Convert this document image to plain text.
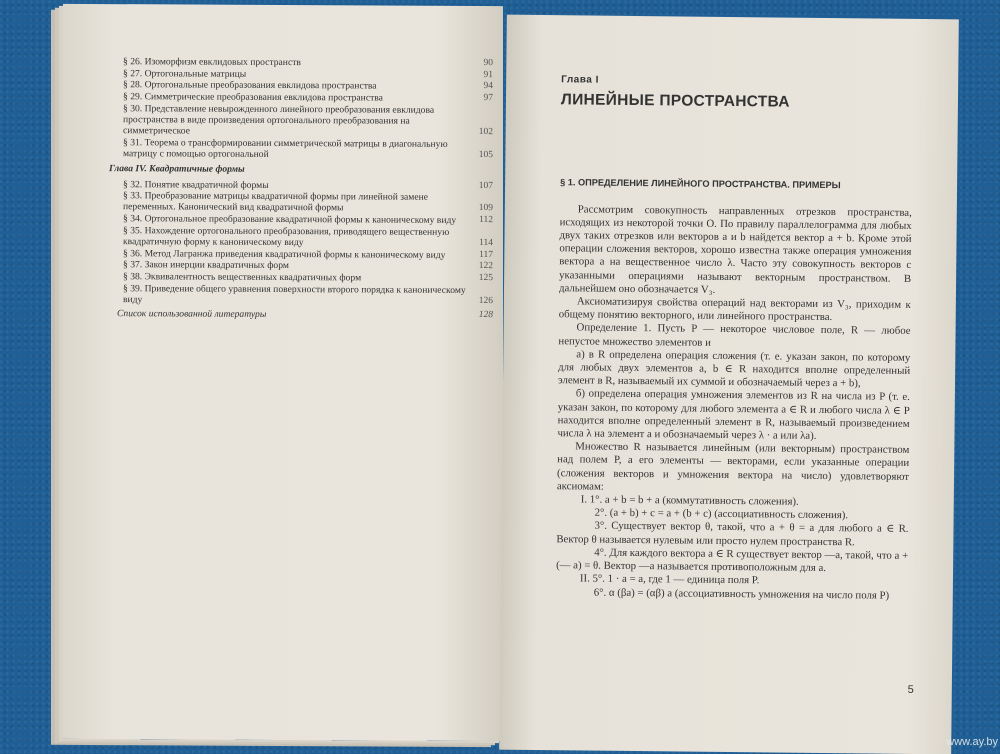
§ 26. Изоморфизм евклидовых пространств	90
§ 27. Ортогональные матрицы	91
§ 28. Ортогональные преобразования евклидова пространства	94
§ 29. Симметрические преобразования евклидова пространства	97
§ 30. Представление невырожденного линейного преобразования евклидова пространства в виде произведения ортогонального преобразования на симметрическое	102
§ 31. Теорема о трансформировании симметрической матрицы в диагональную матрицу с помощью ортогональной	105
Глава IV. Квадратичные формы
§ 32. Понятие квадратичной формы	107
§ 33. Преобразование матрицы квадратичной формы при линейной замене переменных. Канонический вид квадратичной формы	109
§ 34. Ортогональное преобразование квадратичной формы к каноническому виду	112
§ 35. Нахождение ортогонального преобразования, приводящего вещественную квадратичную форму к каноническому виду	114
§ 36. Метод Лагранжа приведения квадратичной формы к каноническому виду	117
§ 37. Закон инерции квадратичных форм	122
§ 38. Эквивалентность вещественных квадратичных форм	125
§ 39. Приведение общего уравнения поверхности второго порядка к каноническому виду	126
Список использованной литературы	128
Глава I
ЛИНЕЙНЫЕ ПРОСТРАНСТВА
§ 1. ОПРЕДЕЛЕНИЕ ЛИНЕЙНОГО ПРОСТРАНСТВА. ПРИМЕРЫ

Рассмотрим совокупность направленных отрезков пространства, исходящих из некоторой точки O. По правилу параллелограмма для любых двух таких отрезков или векторов a и b найдется вектор a + b. Кроме этой операции сложения векторов, хорошо известна также операция умножения вектора a на вещественное число λ. Часто эту совокупность векторов с указанными операциями называют векторным пространством. В дальнейшем оно обозначается V₃.

Аксиоматизируя свойства операций над векторами из V₃, приходим к общему понятию векторного, или линейного пространства.

Определение 1. Пусть P — некоторое числовое поле, R — любое непустое множество элементов и

а) в R определена операция сложения (т. е. указан закон, по которому для любых двух элементов a, b ∈ R находится вполне определенный элемент в R, называемый их суммой и обозначаемый через a + b),

б) определена операция умножения элементов из R на числа из P (т. е. указан закон, по которому для любого элемента a ∈ R и любого числа λ ∈ P находится вполне определенный элемент в R, называемый произведением числа λ на элемент a и обозначаемый через λ · a или λa).

Множество R называется линейным (или векторным) пространством над полем P, а его элементы — векторами, если указанные операции (сложения векторов и умножения вектора на число) удовлетворяют аксиомам:

I. 1°. a + b = b + a (коммутативность сложения).

2°. (a + b) + c = a + (b + c) (ассоциативность сложения).

3°. Существует вектор θ, такой, что a + θ = a для любого a ∈ R. Вектор θ называется нулевым или просто нулем пространства R.

4°. Для каждого вектора a ∈ R существует вектор —a, такой, что a + (— a) = θ. Вектор —a называется противоположным для a.

II. 5°. 1 · a = a, где 1 — единица поля P.

6°. α (βa) = (αβ) a (ассоциативность умножения на число поля P)

5
www.ay.by
